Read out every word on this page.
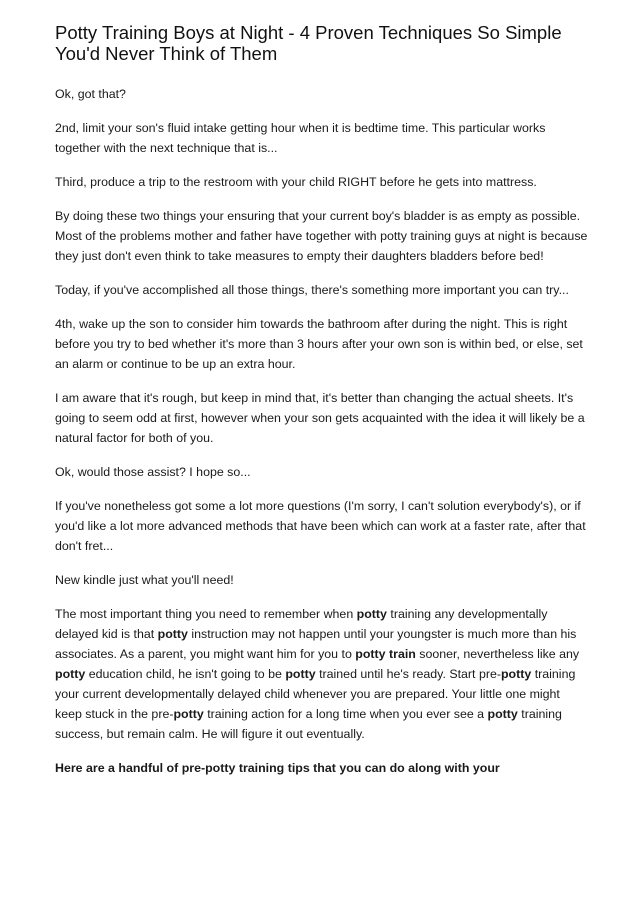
Potty Training Boys at Night - 4 Proven Techniques So Simple You'd Never Think of Them

Ok, got that?

2nd, limit your son's fluid intake getting hour when it is bedtime time. This particular works together with the next technique that is...

Third, produce a trip to the restroom with your child RIGHT before he gets into mattress.

By doing these two things your ensuring that your current boy's bladder is as empty as possible. Most of the problems mother and father have together with potty training guys at night is because they just don't even think to take measures to empty their daughters bladders before bed!

Today, if you've accomplished all those things, there's something more important you can try...

4th, wake up the son to consider him towards the bathroom after during the night. This is right before you try to bed whether it's more than 3 hours after your own son is within bed, or else, set an alarm or continue to be up an extra hour.

I am aware that it's rough, but keep in mind that, it's better than changing the actual sheets. It's going to seem odd at first, however when your son gets acquainted with the idea it will likely be a natural factor for both of you.

Ok, would those assist? I hope so...

If you've nonetheless got some a lot more questions (I'm sorry, I can't solution everybody's), or if you'd like a lot more advanced methods that have been which can work at a faster rate, after that don't fret...

New kindle just what you'll need!

The most important thing you need to remember when potty training any developmentally delayed kid is that potty instruction may not happen until your youngster is much more than his associates. As a parent, you might want him for you to potty train sooner, nevertheless like any potty education child, he isn't going to be potty trained until he's ready. Start pre-potty training your current developmentally delayed child whenever you are prepared. Your little one might keep stuck in the pre-potty training action for a long time when you ever see a potty training success, but remain calm. He will figure it out eventually.

Here are a handful of pre-potty training tips that you can do along with your
